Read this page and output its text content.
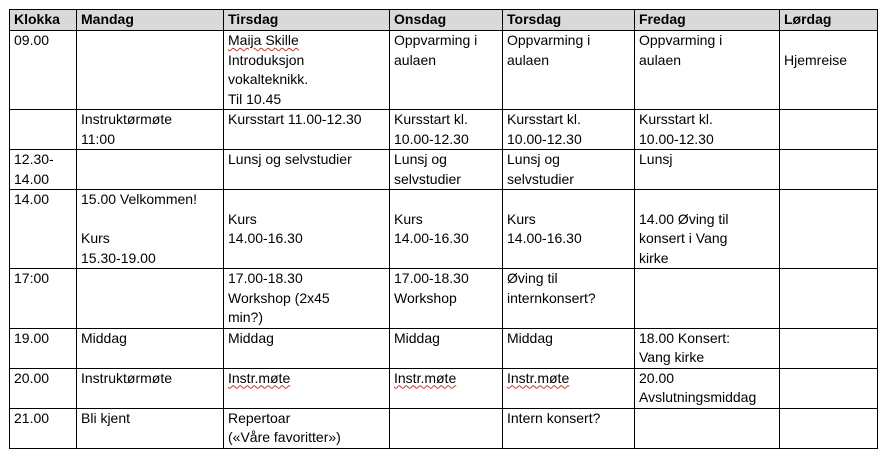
Klokka	Mandag	Tirsdag	Onsdag	Torsdag	Fredag	Lørdag

09.00		Maija Skille
Introduksjon
vokalteknikk.
Til 10.45	Oppvarming i
aulaen	Oppvarming i
aulaen	Oppvarming i
aulaen	Hjemreise

	Instruktørmøte
11:00	Kursstart 11.00-12.30	Kursstart kl.
10.00-12.30	Kursstart kl.
10.00-12.30	Kursstart kl.
10.00-12.30	

12.30-
14.00		Lunsj og selvstudier	Lunsj og
selvstudier	Lunsj og
selvstudier	Lunsj	

14.00	15.00 Velkommen!
Kurs
15.30-19.00	Kurs
14.00-16.30	Kurs
14.00-16.30	Kurs
14.00-16.30	14.00 Øving til
konsert i Vang
kirke	

17:00		17.00-18.30
Workshop (2x45
min?)	17.00-18.30
Workshop	Øving til
internkonsert?		

19.00	Middag	Middag	Middag	Middag	18.00 Konsert:
Vang kirke	

20.00	Instruktørmøte	Instr.møte	Instr.møte	Instr.møte	20.00
Avslutningsmiddag	

21.00	Bli kjent	Repertoar
(«Våre favoritter»)		Intern konsert?		
